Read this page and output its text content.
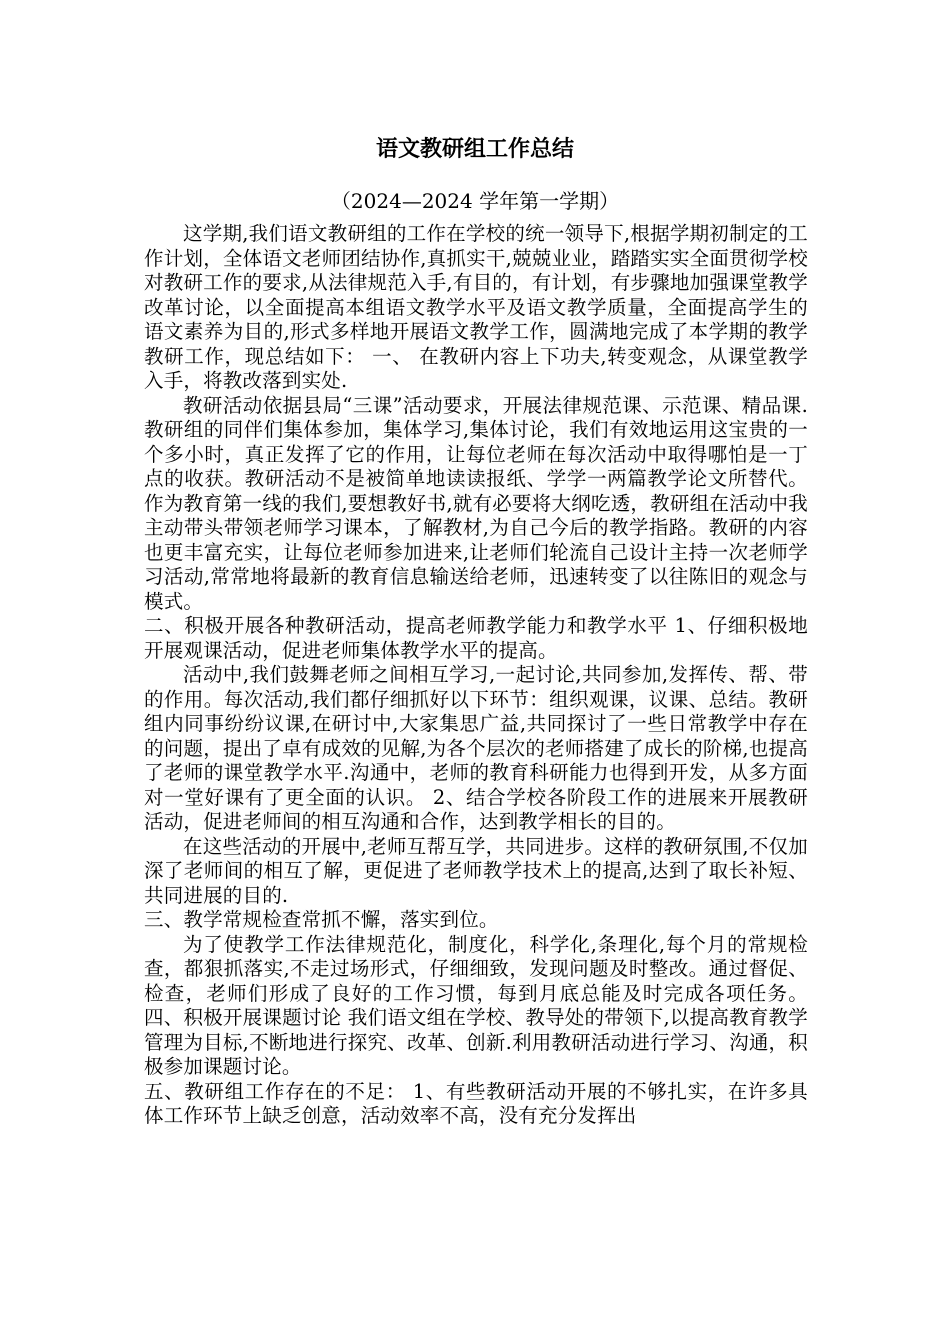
语文教研组工作总结
（2024—2024 学年第一学期）

这学期,我们语文教研组的工作在学校的统一领导下,根据学期初制定的工作计划，全体语文老师团结协作,真抓实干,兢兢业业，踏踏实实全面贯彻学校对教研工作的要求,从法律规范入手,有目的，有计划，有步骤地加强课堂教学改革讨论，以全面提高本组语文教学水平及语文教学质量，全面提高学生的语文素养为目的,形式多样地开展语文教学工作，圆满地完成了本学期的教学教研工作，现总结如下： 一、 在教研内容上下功夫,转变观念，从课堂教学入手，将教改落到实处.

教研活动依据县局“三课”活动要求，开展法律规范课、示范课、精品课.教研组的同伴们集体参加，集体学习,集体讨论，我们有效地运用这宝贵的一个多小时，真正发挥了它的作用，让每位老师在每次活动中取得哪怕是一丁点的收获。教研活动不是被简单地读读报纸、学学一两篇教学论文所替代。作为教育第一线的我们,要想教好书,就有必要将大纲吃透，教研组在活动中我主动带头带领老师学习课本，了解教材,为自己今后的教学指路。教研的内容也更丰富充实，让每位老师参加进来,让老师们轮流自己设计主持一次老师学习活动,常常地将最新的教育信息输送给老师，迅速转变了以往陈旧的观念与模式。

二、积极开展各种教研活动，提高老师教学能力和教学水平 1、仔细积极地开展观课活动，促进老师集体教学水平的提高。

活动中,我们鼓舞老师之间相互学习,一起讨论,共同参加,发挥传、帮、带的作用。每次活动,我们都仔细抓好以下环节：组织观课，议课、总结。教研组内同事纷纷议课,在研讨中,大家集思广益,共同探讨了一些日常教学中存在的问题，提出了卓有成效的见解,为各个层次的老师搭建了成长的阶梯,也提高了老师的课堂教学水平.沟通中，老师的教育科研能力也得到开发，从多方面对一堂好课有了更全面的认识。 2、结合学校各阶段工作的进展来开展教研活动，促进老师间的相互沟通和合作，达到教学相长的目的。

在这些活动的开展中,老师互帮互学，共同进步。这样的教研氛围,不仅加深了老师间的相互了解，更促进了老师教学技术上的提高,达到了取长补短、共同进展的目的.

三、教学常规检查常抓不懈，落实到位。

为了使教学工作法律规范化，制度化，科学化,条理化,每个月的常规检查，都狠抓落实,不走过场形式，仔细细致，发现问题及时整改。通过督促、检查，老师们形成了良好的工作习惯，每到月底总能及时完成各项任务。 四、积极开展课题讨论 我们语文组在学校、教导处的带领下,以提高教育教学管理为目标,不断地进行探究、改革、创新.利用教研活动进行学习、沟通，积极参加课题讨论。

五、教研组工作存在的不足： 1、有些教研活动开展的不够扎实，在许多具体工作环节上缺乏创意，活动效率不高，没有充分发挥出
